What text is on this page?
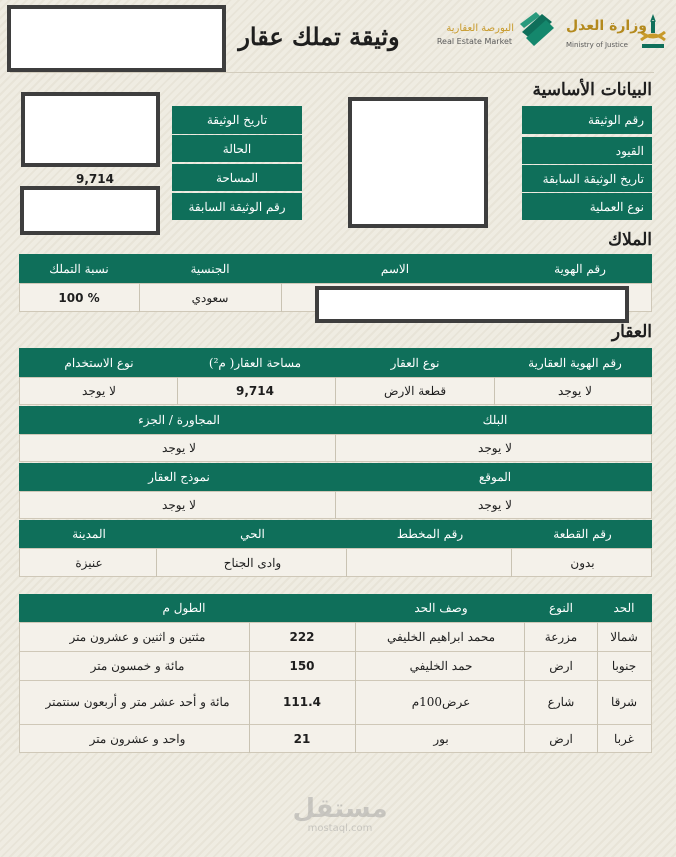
وثيقة تملك عقار	البورصة العقارية
Real Estate Market
وزارة العدل
Ministry of Justice
البيانات الأساسية
رقم الوثيقة
القيود
تاريخ الوثيقة السابقة
نوع العملية
تاريخ الوثيقة
الحالة
المساحة
رقم الوثيقة السابقة
9,714
الملاك
رقم الهوية
الاسم
الجنسية
نسبة التملك
سعودي
100 %
العقار
رقم الهوية العقارية
نوع العقار
مساحة العقار( م²)
نوع الاستخدام
لا يوجد
قطعة الارض
9,714
لا يوجد
البلك
المجاورة / الجزء
لا يوجد
لا يوجد
الموقع
نموذج العقار
لا يوجد
لا يوجد
رقم القطعة
رقم المخطط
الحي
المدينة
بدون
وادى الجناح
عنيزة
الحد
النوع
وصف الحد
الطول م
شمالا
مزرعة
محمد ابراهيم الخليفي
222
مثتين و اثنين و عشرون متر
جنوبا
ارض
حمد الخليفي
150
مائة و خمسون متر
شرقا
شارع
عرض100م
111.4
مائة و أحد عشر متر و أربعون سنتمتر
غربا
ارض
بور
21
واحد و عشرون متر
مستقل
mostaql.com
